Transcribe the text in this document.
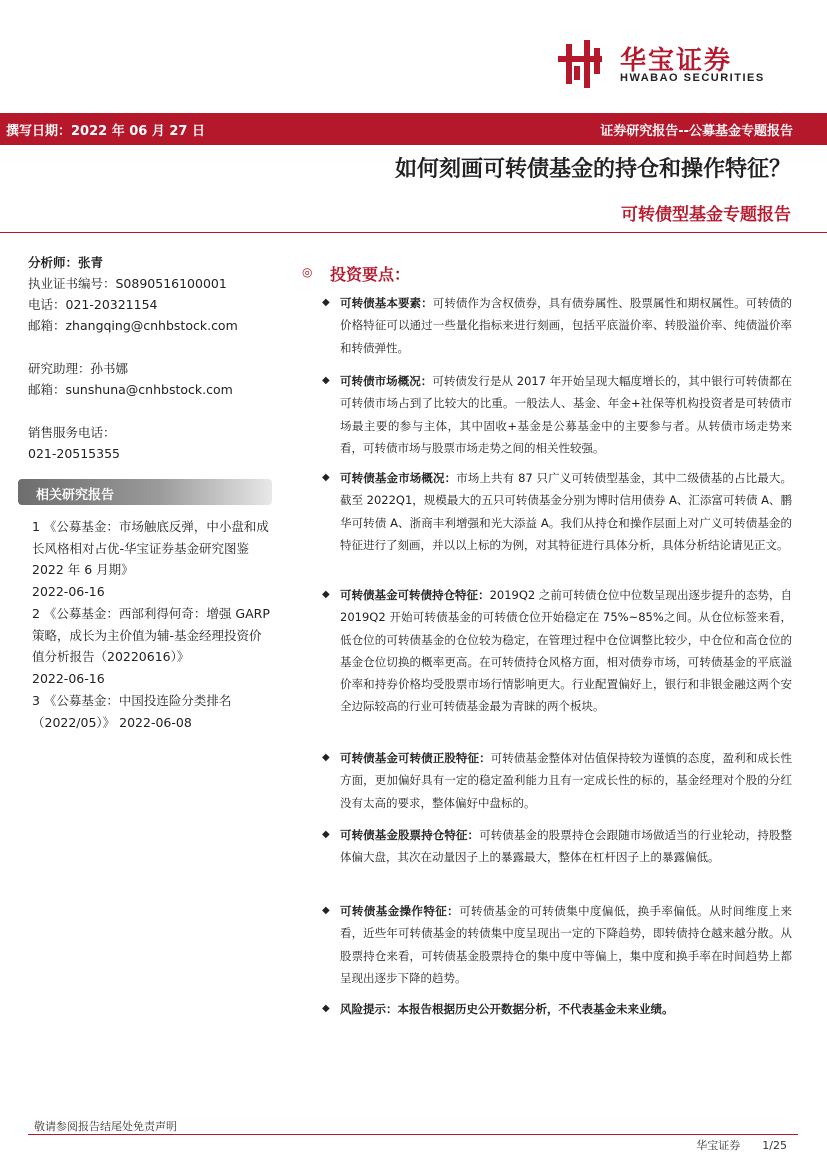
华宝证券
HWABAO SECURITIES
撰写日期：2022 年 06 月 27 日	证券研究报告--公募基金专题报告
如何刻画可转债基金的持仓和操作特征？
可转债型基金专题报告
分析师：张青
执业证书编号：S0890516100001
电话：021-20321154
邮箱：zhangqing@cnhbstock.com
研究助理：孙书娜
邮箱：sunshuna@cnhbstock.com
销售服务电话：
021-20515355
相关研究报告
1 《公募基金：市场触底反弹，中小盘和成长风格相对占优-华宝证券基金研究图鉴 2022 年 6 月期》
2022-06-16
2 《公募基金：西部利得何奇：增强 GARP 策略，成长为主价值为辅-基金经理投资价值分析报告（20220616）》
2022-06-16
3 《公募基金：中国投连险分类排名（2022/05）》 2022-06-08
◎ 投资要点：
◆ 可转债基本要素：可转债作为含权债券，具有债券属性、股票属性和期权属性。可转债的价格特征可以通过一些量化指标来进行刻画，包括平底溢价率、转股溢价率、纯债溢价率和转债弹性。
◆ 可转债市场概况：可转债发行是从 2017 年开始呈现大幅度增长的，其中银行可转债都在可转债市场占到了比较大的比重。一般法人、基金、年金+社保等机构投资者是可转债市场最主要的参与主体，其中固收+基金是公募基金中的主要参与者。从转债市场走势来看，可转债市场与股票市场走势之间的相关性较强。
◆ 可转债基金市场概况：市场上共有 87 只广义可转债型基金，其中二级债基的占比最大。截至 2022Q1，规模最大的五只可转债基金分别为博时信用债券 A、汇添富可转债 A、鹏华可转债 A、浙商丰利增强和光大添益 A。我们从持仓和操作层面上对广义可转债基金的特征进行了刻画，并以以上标的为例，对其特征进行具体分析，具体分析结论请见正文。
◆ 可转债基金可转债持仓特征：2019Q2 之前可转债仓位中位数呈现出逐步提升的态势，自 2019Q2 开始可转债基金的可转债仓位开始稳定在 75%~85%之间。从仓位标签来看，低仓位的可转债基金的仓位较为稳定，在管理过程中仓位调整比较少，中仓位和高仓位的基金仓位切换的概率更高。在可转债持仓风格方面，相对债券市场，可转债基金的平底溢价率和持券价格均受股票市场行情影响更大。行业配置偏好上，银行和非银金融这两个安全边际较高的行业可转债基金最为青睐的两个板块。
◆ 可转债基金可转债正股特征：可转债基金整体对估值保持较为谨慎的态度，盈利和成长性方面，更加偏好具有一定的稳定盈利能力且有一定成长性的标的，基金经理对个股的分红没有太高的要求，整体偏好中盘标的。
◆ 可转债基金股票持仓特征：可转债基金的股票持仓会跟随市场做适当的行业轮动，持股整体偏大盘，其次在动量因子上的暴露最大，整体在杠杆因子上的暴露偏低。
◆ 可转债基金操作特征：可转债基金的可转债集中度偏低，换手率偏低。从时间维度上来看，近些年可转债基金的转债集中度呈现出一定的下降趋势，即转债持仓越来越分散。从股票持仓来看，可转债基金股票持仓的集中度中等偏上，集中度和换手率在时间趋势上都呈现出逐步下降的趋势。
◆ 风险提示：本报告根据历史公开数据分析，不代表基金未来业绩。
敬请参阅报告结尾处免责声明
华宝证券 1/25
